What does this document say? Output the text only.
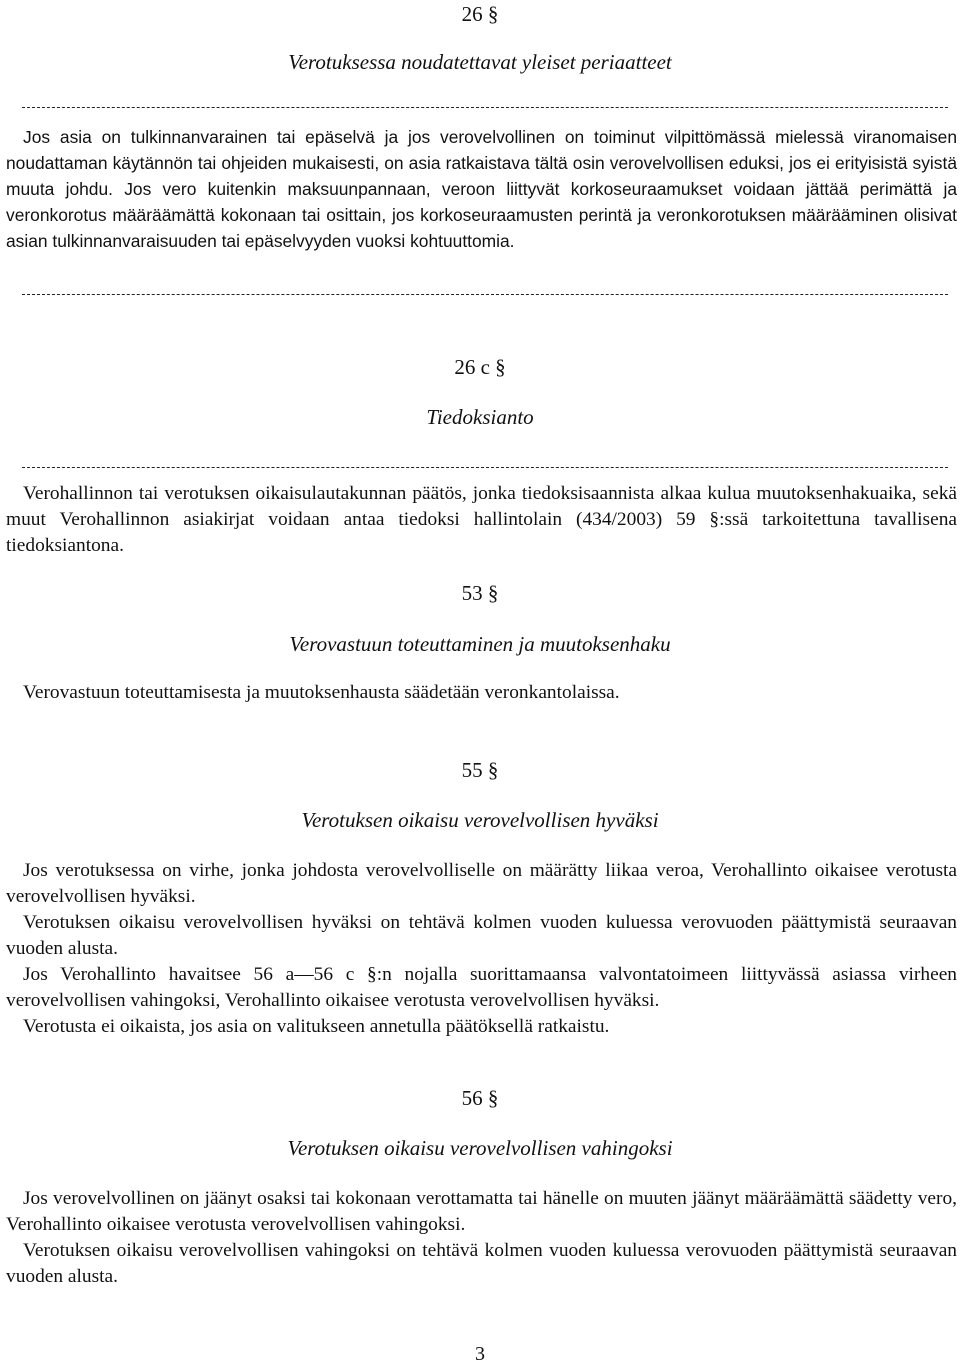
26 §
Verotuksessa noudatettavat yleiset periaatteet

Jos asia on tulkinnanvarainen tai epäselvä ja jos verovelvollinen on toiminut vilpittömässä mielessä viranomaisen noudattaman käytännön tai ohjeiden mukaisesti, on asia ratkaistava tältä osin verovelvollisen eduksi, jos ei erityisistä syistä muuta johdu. Jos vero kuitenkin maksuunpannaan, veroon liittyvät korkoseuraamukset voidaan jättää perimättä ja veronkorotus määräämättä kokonaan tai osittain, jos korkoseuraamusten perintä ja veronkorotuksen määrääminen olisivat asian tulkinnanvaraisuuden tai epäselvyyden vuoksi kohtuuttomia.

26 c §
Tiedoksianto

Verohallinnon tai verotuksen oikaisulautakunnan päätös, jonka tiedoksisaannista alkaa kulua muutoksenhakuaika, sekä muut Verohallinnon asiakirjat voidaan antaa tiedoksi hallintolain (434/2003) 59 §:ssä tarkoitettuna tavallisena tiedoksiantona.

53 §
Verovastuun toteuttaminen ja muutoksenhaku

Verovastuun toteuttamisesta ja muutoksenhausta säädetään veronkantolaissa.

55 §
Verotuksen oikaisu verovelvollisen hyväksi

Jos verotuksessa on virhe, jonka johdosta verovelvolliselle on määrätty liikaa veroa, Verohallinto oikaisee verotusta verovelvollisen hyväksi.
Verotuksen oikaisu verovelvollisen hyväksi on tehtävä kolmen vuoden kuluessa verovuoden päättymistä seuraavan vuoden alusta.
Jos Verohallinto havaitsee 56 a—56 c §:n nojalla suorittamaansa valvontatoimeen liittyvässä asiassa virheen verovelvollisen vahingoksi, Verohallinto oikaisee verotusta verovelvollisen hyväksi.
Verotusta ei oikaista, jos asia on valitukseen annetulla päätöksellä ratkaistu.

56 §
Verotuksen oikaisu verovelvollisen vahingoksi

Jos verovelvollinen on jäänyt osaksi tai kokonaan verottamatta tai hänelle on muuten jäänyt määräämättä säädetty vero, Verohallinto oikaisee verotusta verovelvollisen vahingoksi.
Verotuksen oikaisu verovelvollisen vahingoksi on tehtävä kolmen vuoden kuluessa verovuoden päättymistä seuraavan vuoden alusta.

3
